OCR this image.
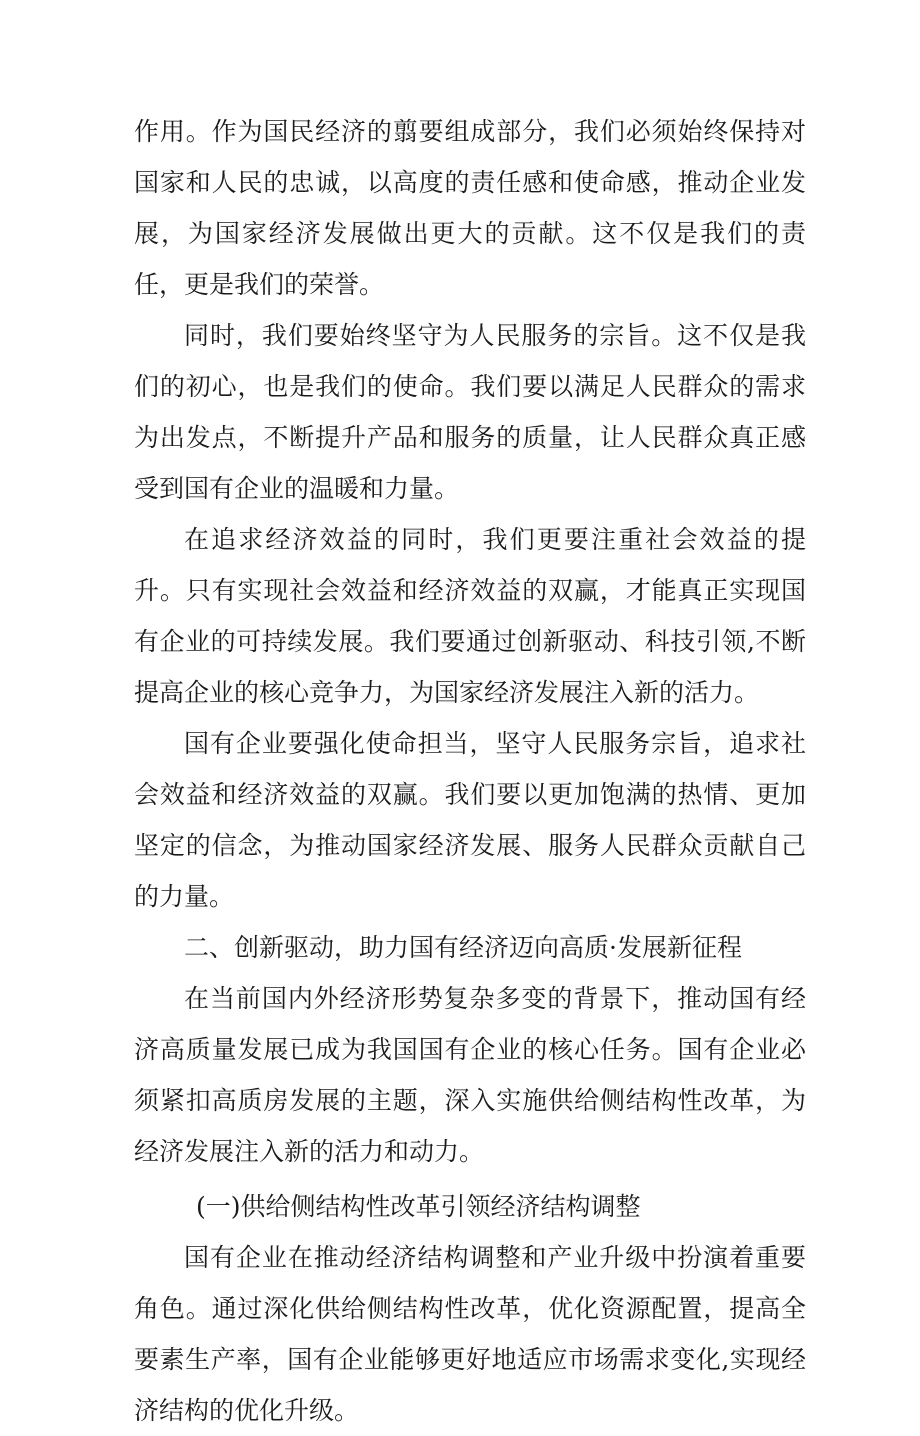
作用。作为国民经济的翦要组成部分，我们必须始终保持对国家和人民的忠诚，以高度的责任感和使命感，推动企业发展，为国家经济发展做出更大的贡献。这不仅是我们的责任，更是我们的荣誉。

同时，我们要始终坚守为人民服务的宗旨。这不仅是我们的初心，也是我们的使命。我们要以满足人民群众的需求为出发点，不断提升产品和服务的质量，让人民群众真正感受到国有企业的温暖和力量。

在追求经济效益的同时，我们更要注重社会效益的提升。只有实现社会效益和经济效益的双赢，才能真正实现国有企业的可持续发展。我们要通过创新驱动、科技引领,不断提高企业的核心竞争力，为国家经济发展注入新的活力。

国有企业要强化使命担当，坚守人民服务宗旨，追求社会效益和经济效益的双赢。我们要以更加饱满的热情、更加坚定的信念，为推动国家经济发展、服务人民群众贡献自己的力量。

二、创新驱动，助力国有经济迈向高质·发展新征程

在当前国内外经济形势复杂多变的背景下，推动国有经济高质量发展已成为我国国有企业的核心任务。国有企业必须紧扣高质房发展的主题，深入实施供给侧结构性改革，为经济发展注入新的活力和动力。

(一)供给侧结构性改革引领经济结构调整

国有企业在推动经济结构调整和产业升级中扮演着重要角色。通过深化供给侧结构性改革，优化资源配置，提高全要素生产率，国有企业能够更好地适应市场需求变化,实现经济结构的优化升级。
